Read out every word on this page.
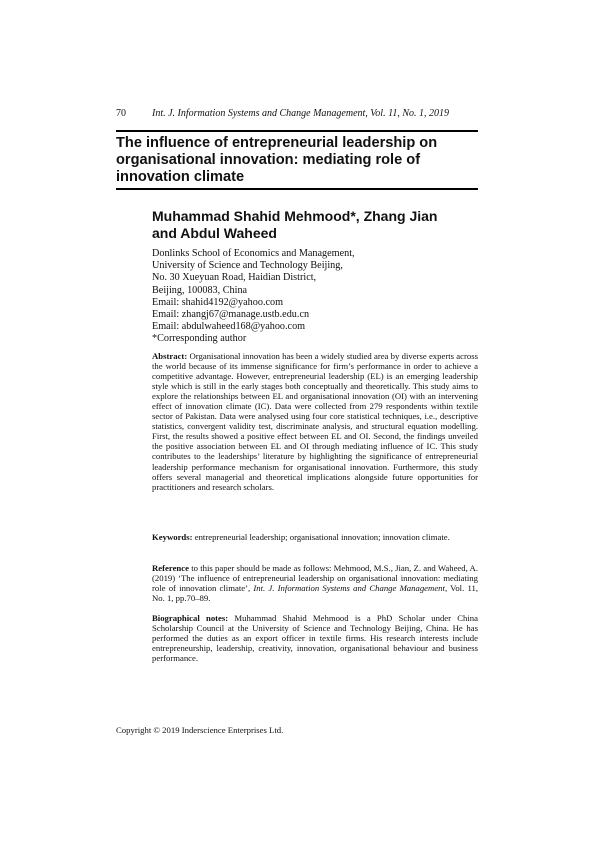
70	Int. J. Information Systems and Change Management, Vol. 11, No. 1, 2019
The influence of entrepreneurial leadership on
organisational innovation: mediating role of
innovation climate
Muhammad Shahid Mehmood*, Zhang Jian
and Abdul Waheed
Donlinks School of Economics and Management,
University of Science and Technology Beijing,
No. 30 Xueyuan Road, Haidian District,
Beijing, 100083, China
Email: shahid4192@yahoo.com
Email: zhangj67@manage.ustb.edu.cn
Email: abdulwaheed168@yahoo.com
*Corresponding author

Abstract: Organisational innovation has been a widely studied area by diverse experts across the world because of its immense significance for firm’s performance in order to achieve a competitive advantage. However, entrepreneurial leadership (EL) is an emerging leadership style which is still in the early stages both conceptually and theoretically. This study aims to explore the relationships between EL and organisational innovation (OI) with an intervening effect of innovation climate (IC). Data were collected from 279 respondents within textile sector of Pakistan. Data were analysed using four core statistical techniques, i.e., descriptive statistics, convergent validity test, discriminate analysis, and structural equation modelling. First, the results showed a positive effect between EL and OI. Second, the findings unveiled the positive association between EL and OI through mediating influence of IC. This study contributes to the leaderships’ literature by highlighting the significance of entrepreneurial leadership performance mechanism for organisational innovation. Furthermore, this study offers several managerial and theoretical implications alongside future opportunities for practitioners and research scholars.

Keywords: entrepreneurial leadership; organisational innovation; innovation climate.

Reference to this paper should be made as follows: Mehmood, M.S., Jian, Z. and Waheed, A. (2019) ‘The influence of entrepreneurial leadership on organisational innovation: mediating role of innovation climate’, Int. J. Information Systems and Change Management, Vol. 11, No. 1, pp.70–89.

Biographical notes: Muhammad Shahid Mehmood is a PhD Scholar under China Scholarship Council at the University of Science and Technology Beijing, China. He has performed the duties as an export officer in textile firms. His research interests include entrepreneurship, leadership, creativity, innovation, organisational behaviour and business performance.

Copyright © 2019 Inderscience Enterprises Ltd.
